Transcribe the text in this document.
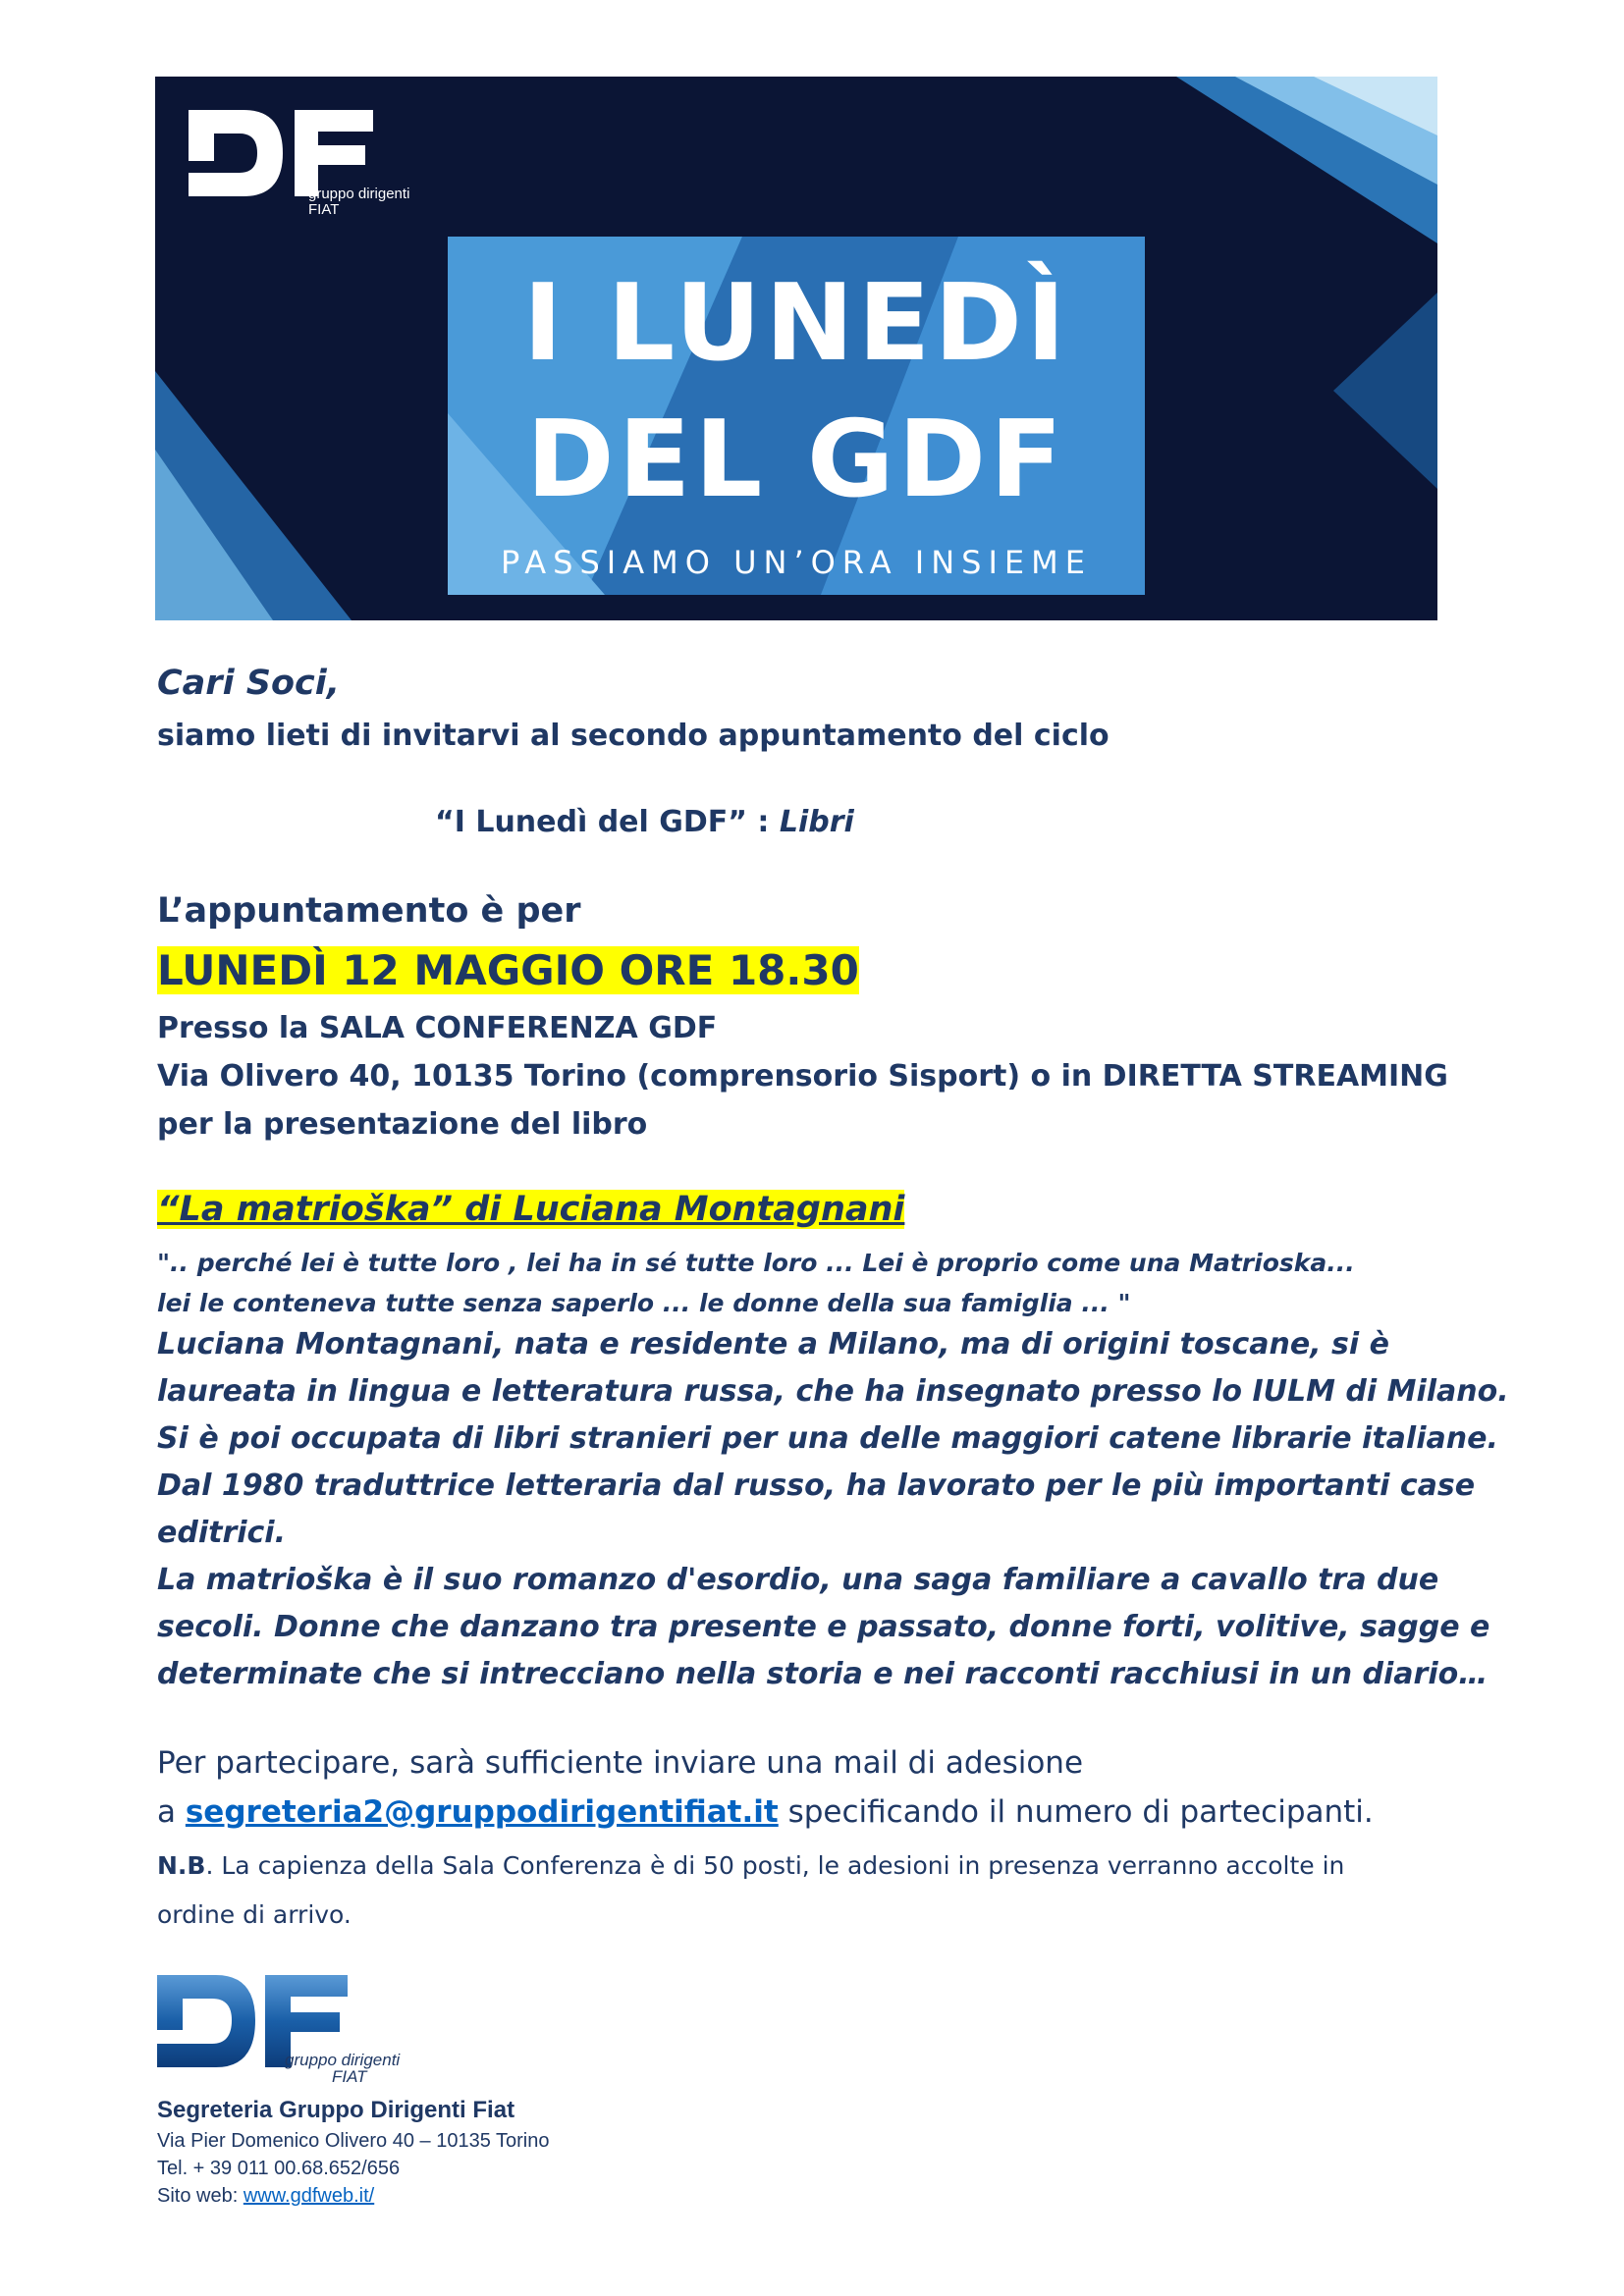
gruppo dirigenti
FIAT
I LUNEDÌ
DEL GDF
PASSIAMO UN’ORA INSIEME
Cari Soci,
siamo lieti di invitarvi al secondo appuntamento del ciclo
“I Lunedì del GDF” : Libri
L’appuntamento è per
LUNEDÌ 12 MAGGIO ORE 18.30
Presso la SALA CONFERENZA GDF
Via Olivero 40, 10135 Torino (comprensorio Sisport) o in DIRETTA STREAMING
per la presentazione del libro
“La matrioška” di Luciana Montagnani
".. perché lei è tutte loro , lei ha in sé tutte loro ... Lei è proprio come una Matrioska...
lei le conteneva tutte senza saperlo ... le donne della sua famiglia ... "
Luciana Montagnani, nata e residente a Milano, ma di origini toscane, si è
laureata in lingua e letteratura russa, che ha insegnato presso lo IULM di Milano.
Si è poi occupata di libri stranieri per una delle maggiori catene librarie italiane.
Dal 1980 traduttrice letteraria dal russo, ha lavorato per le più importanti case
editrici.
La matrioška è il suo romanzo d'esordio, una saga familiare a cavallo tra due
secoli. Donne che danzano tra presente e passato, donne forti, volitive, sagge e
determinate che si intrecciano nella storia e nei racconti racchiusi in un diario…
Per partecipare, sarà sufficiente inviare una mail di adesione
a segreteria2@gruppodirigentifiat.it specificando il numero di partecipanti.
N.B. La capienza della Sala Conferenza è di 50 posti, le adesioni in presenza verranno accolte in
ordine di arrivo.
gruppo dirigenti
FIAT
Segreteria Gruppo Dirigenti Fiat
Via Pier Domenico Olivero 40 – 10135 Torino
Tel. + 39 011 00.68.652/656
Sito web: www.gdfweb.it/
